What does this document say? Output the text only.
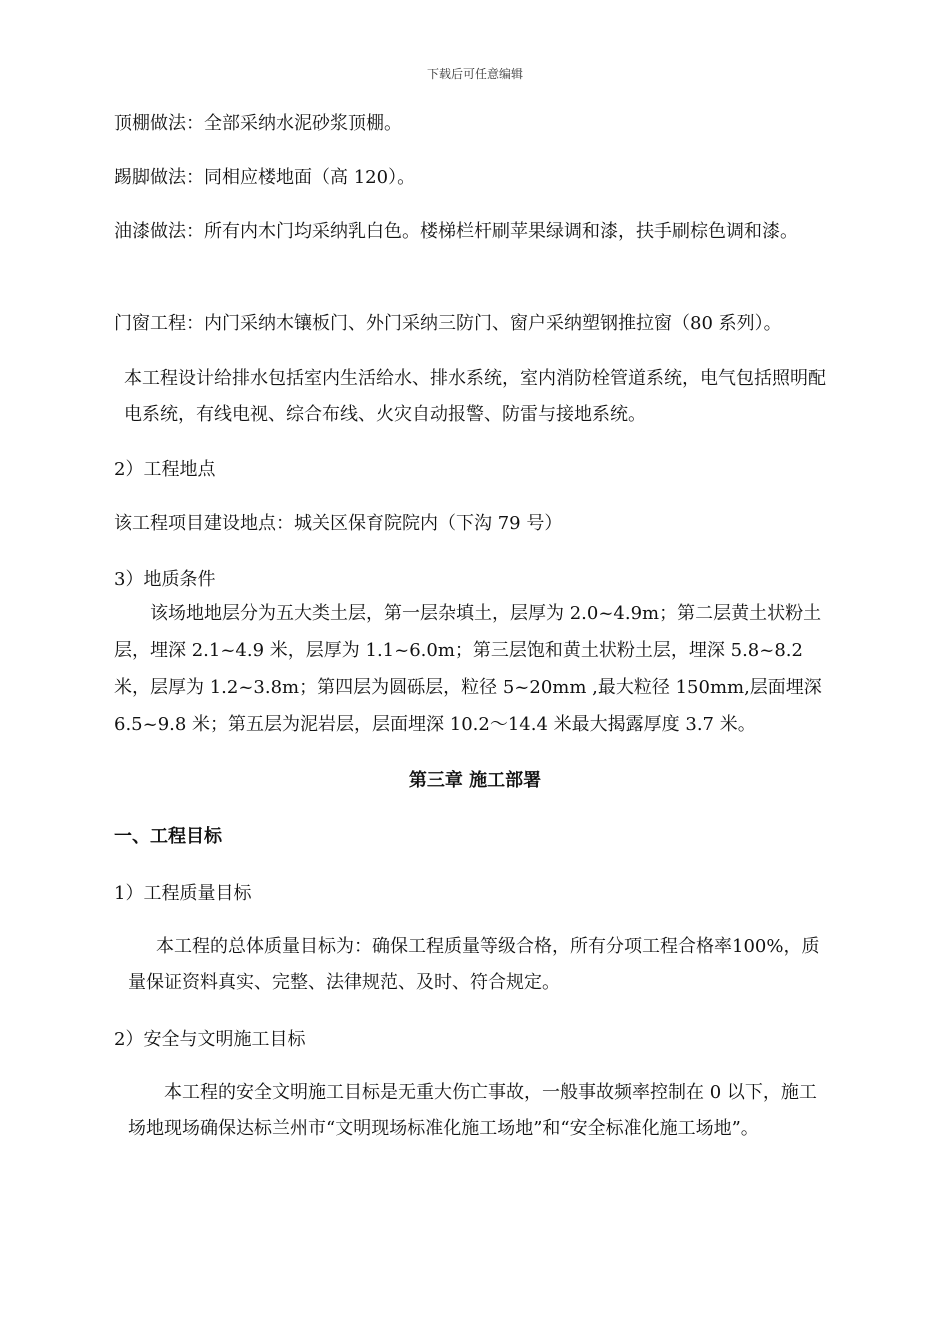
下载后可任意编辑
顶棚做法：全部采纳水泥砂浆顶棚。
踢脚做法：同相应楼地面（高 120）。
油漆做法：所有内木门均采纳乳白色。楼梯栏杆刷苹果绿调和漆，扶手刷棕色调和漆。
门窗工程：内门采纳木镶板门、外门采纳三防门、窗户采纳塑钢推拉窗（80 系列）。
本工程设计给排水包括室内生活给水、排水系统，室内消防栓管道系统，电气包括照明配电系统，有线电视、综合布线、火灾自动报警、防雷与接地系统。
2）工程地点
该工程项目建设地点：城关区保育院院内（下沟 79 号）
3）地质条件
该场地地层分为五大类土层，第一层杂填土，层厚为 2.0~4.9m；第二层黄土状粉土层，埋深 2.1~4.9 米，层厚为 1.1~6.0m；第三层饱和黄土状粉土层，埋深 5.8~8.2 米，层厚为 1.2~3.8m；第四层为圆砾层，粒径 5~20mm ,最大粒径 150mm,层面埋深 6.5~9.8 米；第五层为泥岩层，层面埋深 10.2～14.4 米最大揭露厚度 3.7 米。
第三章 施工部署
一、工程目标
1）工程质量目标
本工程的总体质量目标为：确保工程质量等级合格，所有分项工程合格率100%，质量保证资料真实、完整、法律规范、及时、符合规定。
2）安全与文明施工目标
本工程的安全文明施工目标是无重大伤亡事故，一般事故频率控制在 0 以下，施工场地现场确保达标兰州市“文明现场标准化施工场地”和“安全标准化施工场地”。
